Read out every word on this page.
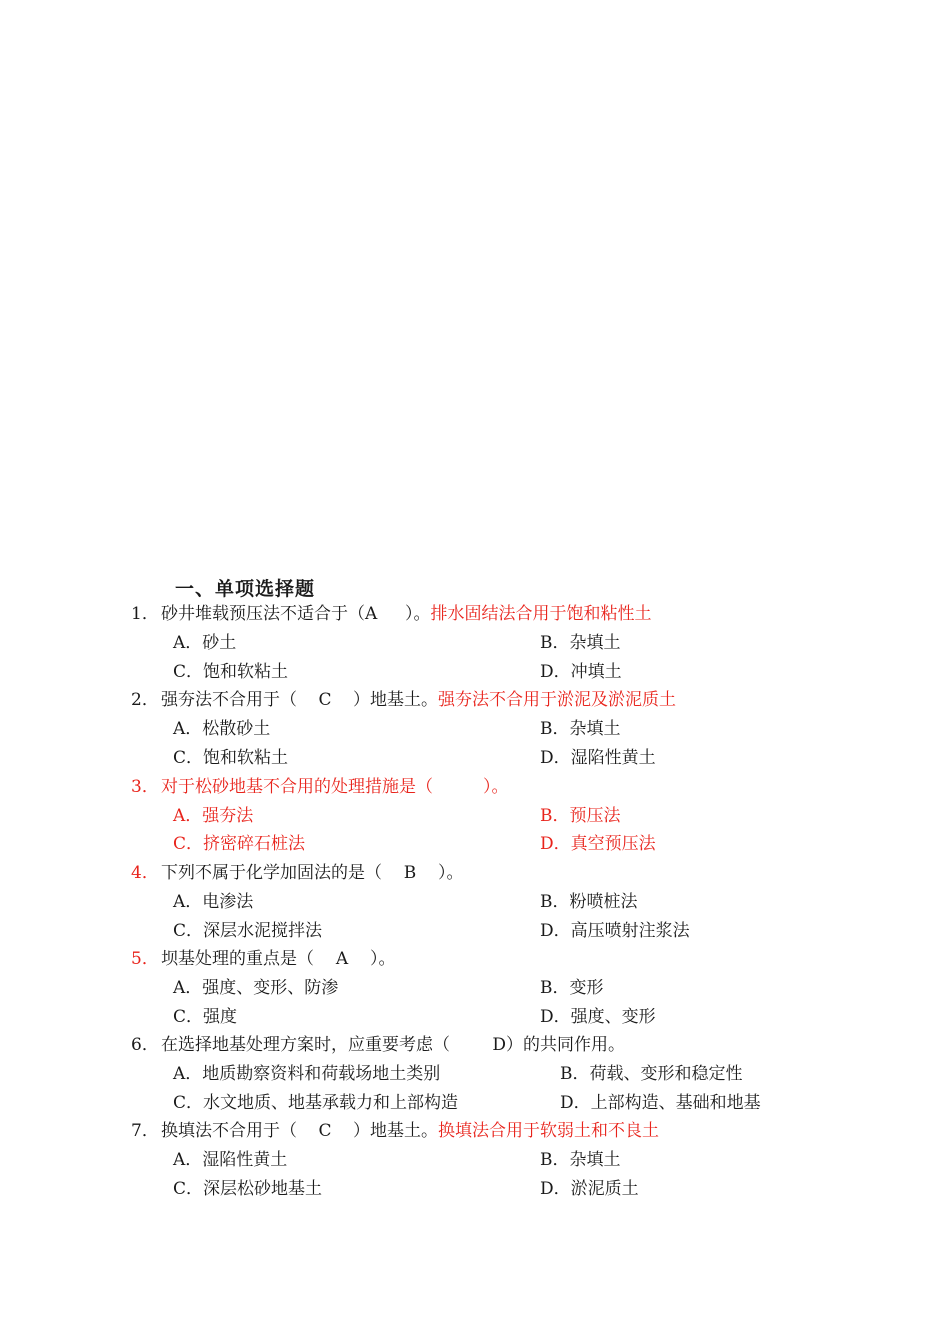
一、单项选择题
1． 砂井堆载预压法不适合于（A ）。排水固结法合用于饱和粘性土
A．砂土	B．杂填土
C．饱和软粘土	D．冲填土
2． 强夯法不合用于（ C ）地基土。强夯法不合用于淤泥及淤泥质土
A．松散砂土	B．杂填土
C．饱和软粘土	D．湿陷性黄土
3． 对于松砂地基不合用的处理措施是（	）。
A．强夯法	B．预压法
C．挤密碎石桩法	D．真空预压法
4． 下列不属于化学加固法的是（ B ）。
A．电渗法	B．粉喷桩法
C．深层水泥搅拌法	D．高压喷射注浆法
5． 坝基处理的重点是（ A ）。
A．强度、变形、防渗	B．变形
C．强度	D．强度、变形
6． 在选择地基处理方案时，应重要考虑（ D）的共同作用。
A．地质勘察资料和荷载场地土类别	B．荷载、变形和稳定性
C．水文地质、地基承载力和上部构造	D．上部构造、基础和地基
7． 换填法不合用于（ C ）地基土。换填法合用于软弱土和不良土
A．湿陷性黄土	B．杂填土
C．深层松砂地基土	D．淤泥质土
